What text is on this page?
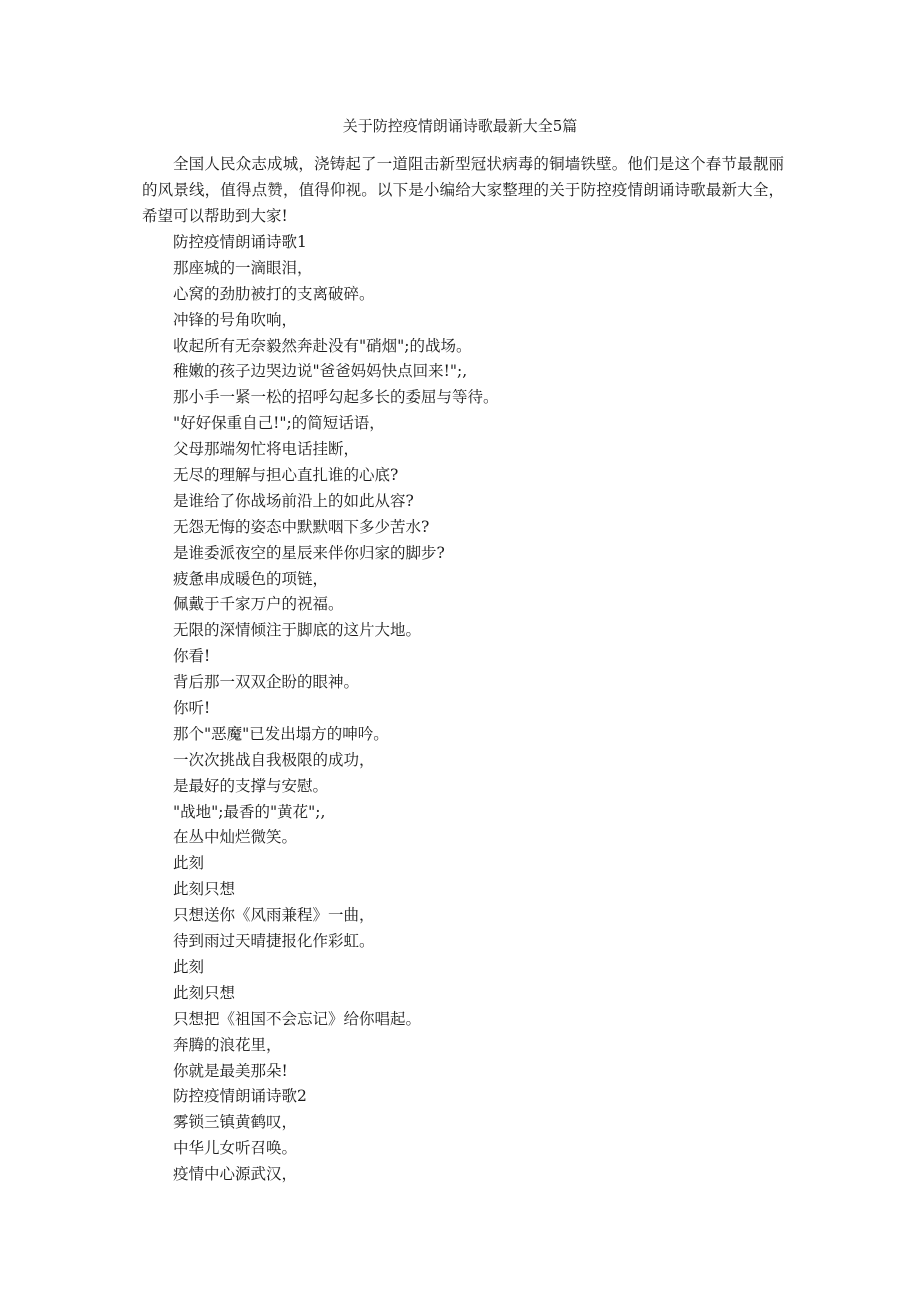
关于防控疫情朗诵诗歌最新大全5篇

全国人民众志成城，浇铸起了一道阻击新型冠状病毒的铜墙铁壁。他们是这个春节最靓丽的风景线，值得点赞，值得仰视。以下是小编给大家整理的关于防控疫情朗诵诗歌最新大全，希望可以帮助到大家!

防控疫情朗诵诗歌1
那座城的一滴眼泪，
心窝的劲肋被打的支离破碎。
冲锋的号角吹响，
收起所有无奈毅然奔赴没有"硝烟";的战场。
稚嫩的孩子边哭边说"爸爸妈妈快点回来!";,
那小手一紧一松的招呼勾起多长的委屈与等待。
"好好保重自己!";的简短话语，
父母那端匆忙将电话挂断，
无尽的理解与担心直扎谁的心底?
是谁给了你战场前沿上的如此从容?
无怨无悔的姿态中默默咽下多少苦水?
是谁委派夜空的星辰来伴你归家的脚步?
疲惫串成暖色的项链，
佩戴于千家万户的祝福。
无限的深情倾注于脚底的这片大地。
你看!
背后那一双双企盼的眼神。
你听!
那个"恶魔"已发出塌方的呻吟。
一次次挑战自我极限的成功，
是最好的支撑与安慰。
"战地";最香的"黄花";,
在丛中灿烂微笑。
此刻
此刻只想
只想送你《风雨兼程》一曲，
待到雨过天晴捷报化作彩虹。
此刻
此刻只想
只想把《祖国不会忘记》给你唱起。
奔腾的浪花里，
你就是最美那朵!
防控疫情朗诵诗歌2
雾锁三镇黄鹤叹，
中华儿女听召唤。
疫情中心源武汉，
